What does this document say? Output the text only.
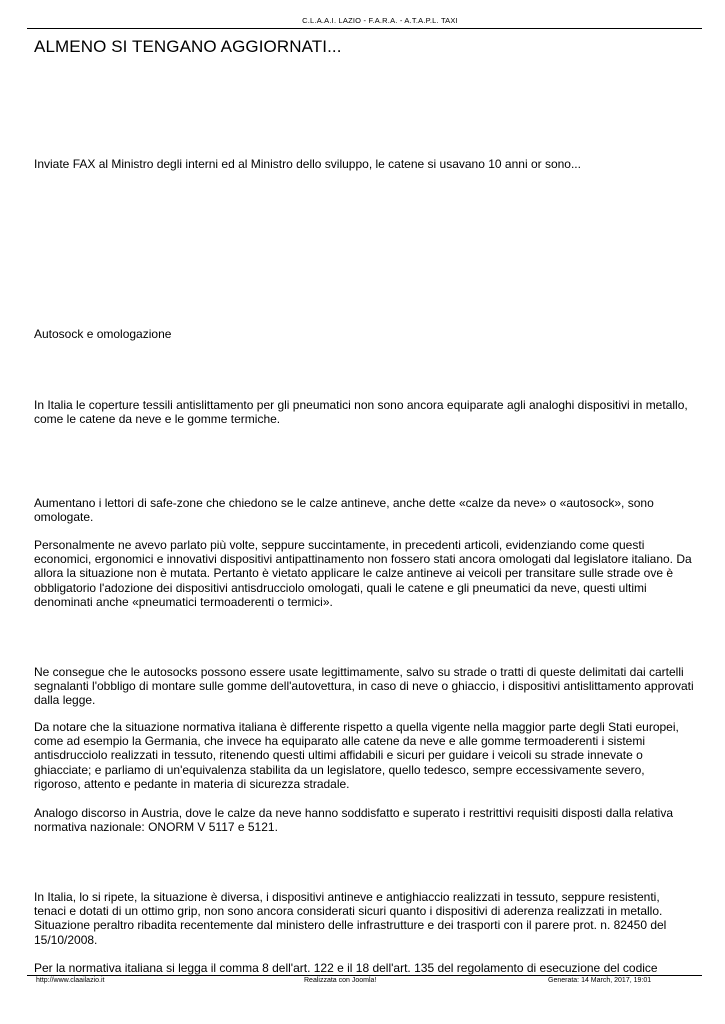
C.L.A.A.I. LAZIO - F.A.R.A. - A.T.A.P.L. TAXI
ALMENO SI TENGANO AGGIORNATI...

Inviate FAX al Ministro degli interni ed al Ministro dello sviluppo, le catene si usavano 10 anni or sono...

Autosock e omologazione

In Italia le coperture tessili antislittamento per gli pneumatici non sono ancora equiparate agli analoghi dispositivi in metallo, come le catene da neve e le gomme termiche.

Aumentano i lettori di safe-zone che chiedono se le calze antineve, anche dette «calze da neve» o «autosock», sono omologate.

Personalmente ne avevo parlato più volte, seppure succintamente, in precedenti articoli, evidenziando come questi economici, ergonomici e innovativi dispositivi antipattinamento non fossero stati ancora omologati dal legislatore italiano. Da allora la situazione non è mutata. Pertanto è vietato applicare le calze antineve ai veicoli per transitare sulle strade ove è obbligatorio l'adozione dei dispositivi antisdrucciolo omologati, quali le catene e gli pneumatici da neve, questi ultimi denominati anche «pneumatici termoaderenti o termici».

Ne consegue che le autosocks possono essere usate legittimamente, salvo su strade o tratti di queste delimitati dai cartelli segnalanti l'obbligo di montare sulle gomme dell'autovettura, in caso di neve o ghiaccio, i dispositivi antislittamento approvati dalla legge.

Da notare che la situazione normativa italiana è differente rispetto a quella vigente nella maggior parte degli Stati europei, come ad esempio la Germania, che invece ha equiparato alle catene da neve e alle gomme termoaderenti i sistemi antisdrucciolo realizzati in tessuto, ritenendo questi ultimi affidabili e sicuri per guidare i veicoli su strade innevate o ghiacciate; e parliamo di un'equivalenza stabilita da un legislatore, quello tedesco, sempre eccessivamente severo, rigoroso, attento e pedante in materia di sicurezza stradale.

Analogo discorso in Austria, dove le calze da neve hanno soddisfatto e superato i restrittivi requisiti disposti dalla relativa normativa nazionale: ONORM V 5117 e 5121.

In Italia, lo si ripete, la situazione è diversa, i dispositivi antineve e antighiaccio realizzati in tessuto, seppure resistenti, tenaci e dotati di un ottimo grip, non sono ancora considerati sicuri quanto i dispositivi di aderenza realizzati in metallo. Situazione peraltro ribadita recentemente dal ministero delle infrastrutture e dei trasporti con il parere prot. n. 82450 del 15/10/2008.

Per la normativa italiana si legga il comma 8 dell'art. 122 e il 18 dell'art. 135 del regolamento di esecuzione del codice

http://www.claailazio.it	Realizzata con Joomla!	Generata: 14 March, 2017, 19:01
